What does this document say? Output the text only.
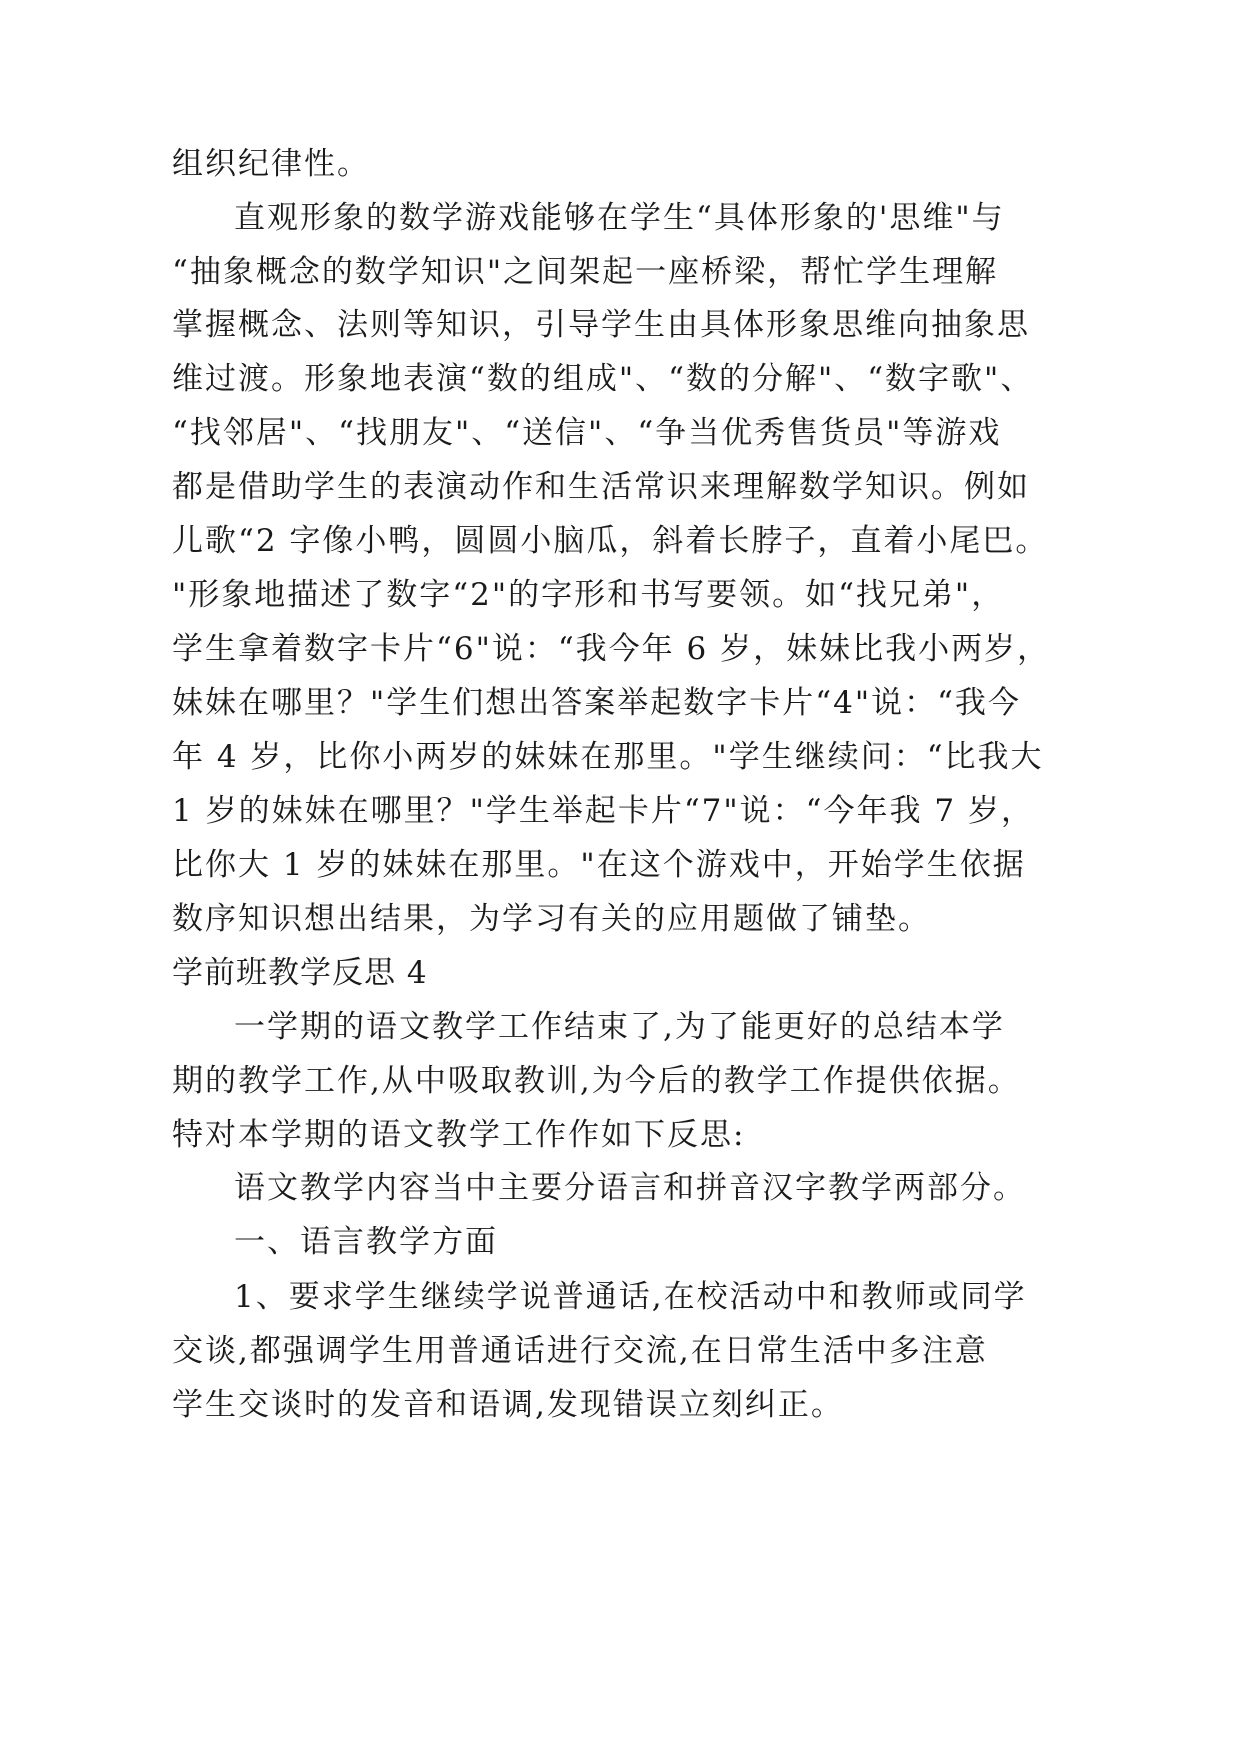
组织纪律性。
直观形象的数学游戏能够在学生“具体形象的'思维"与
“抽象概念的数学知识"之间架起一座桥梁，帮忙学生理解
掌握概念、法则等知识，引导学生由具体形象思维向抽象思
维过渡。形象地表演“数的组成"、“数的分解"、“数字歌"、
“找邻居"、“找朋友"、“送信"、“争当优秀售货员"等游戏
都是借助学生的表演动作和生活常识来理解数学知识。例如
儿歌“2 字像小鸭，圆圆小脑瓜，斜着长脖子，直着小尾巴。
"形象地描述了数字“2"的字形和书写要领。如“找兄弟"，
学生拿着数字卡片“6"说：“我今年 6 岁，妹妹比我小两岁，
妹妹在哪里？"学生们想出答案举起数字卡片“4"说：“我今
年 4 岁，比你小两岁的妹妹在那里。"学生继续问：“比我大
1 岁的妹妹在哪里？"学生举起卡片“7"说：“今年我 7 岁，
比你大 1 岁的妹妹在那里。"在这个游戏中，开始学生依据
数序知识想出结果，为学习有关的应用题做了铺垫。
学前班教学反思 4
一学期的语文教学工作结束了,为了能更好的总结本学
期的教学工作,从中吸取教训,为今后的教学工作提供依据。
特对本学期的语文教学工作作如下反思:
语文教学内容当中主要分语言和拼音汉字教学两部分。
一、语言教学方面
1、要求学生继续学说普通话,在校活动中和教师或同学
交谈,都强调学生用普通话进行交流,在日常生活中多注意
学生交谈时的发音和语调,发现错误立刻纠正。
